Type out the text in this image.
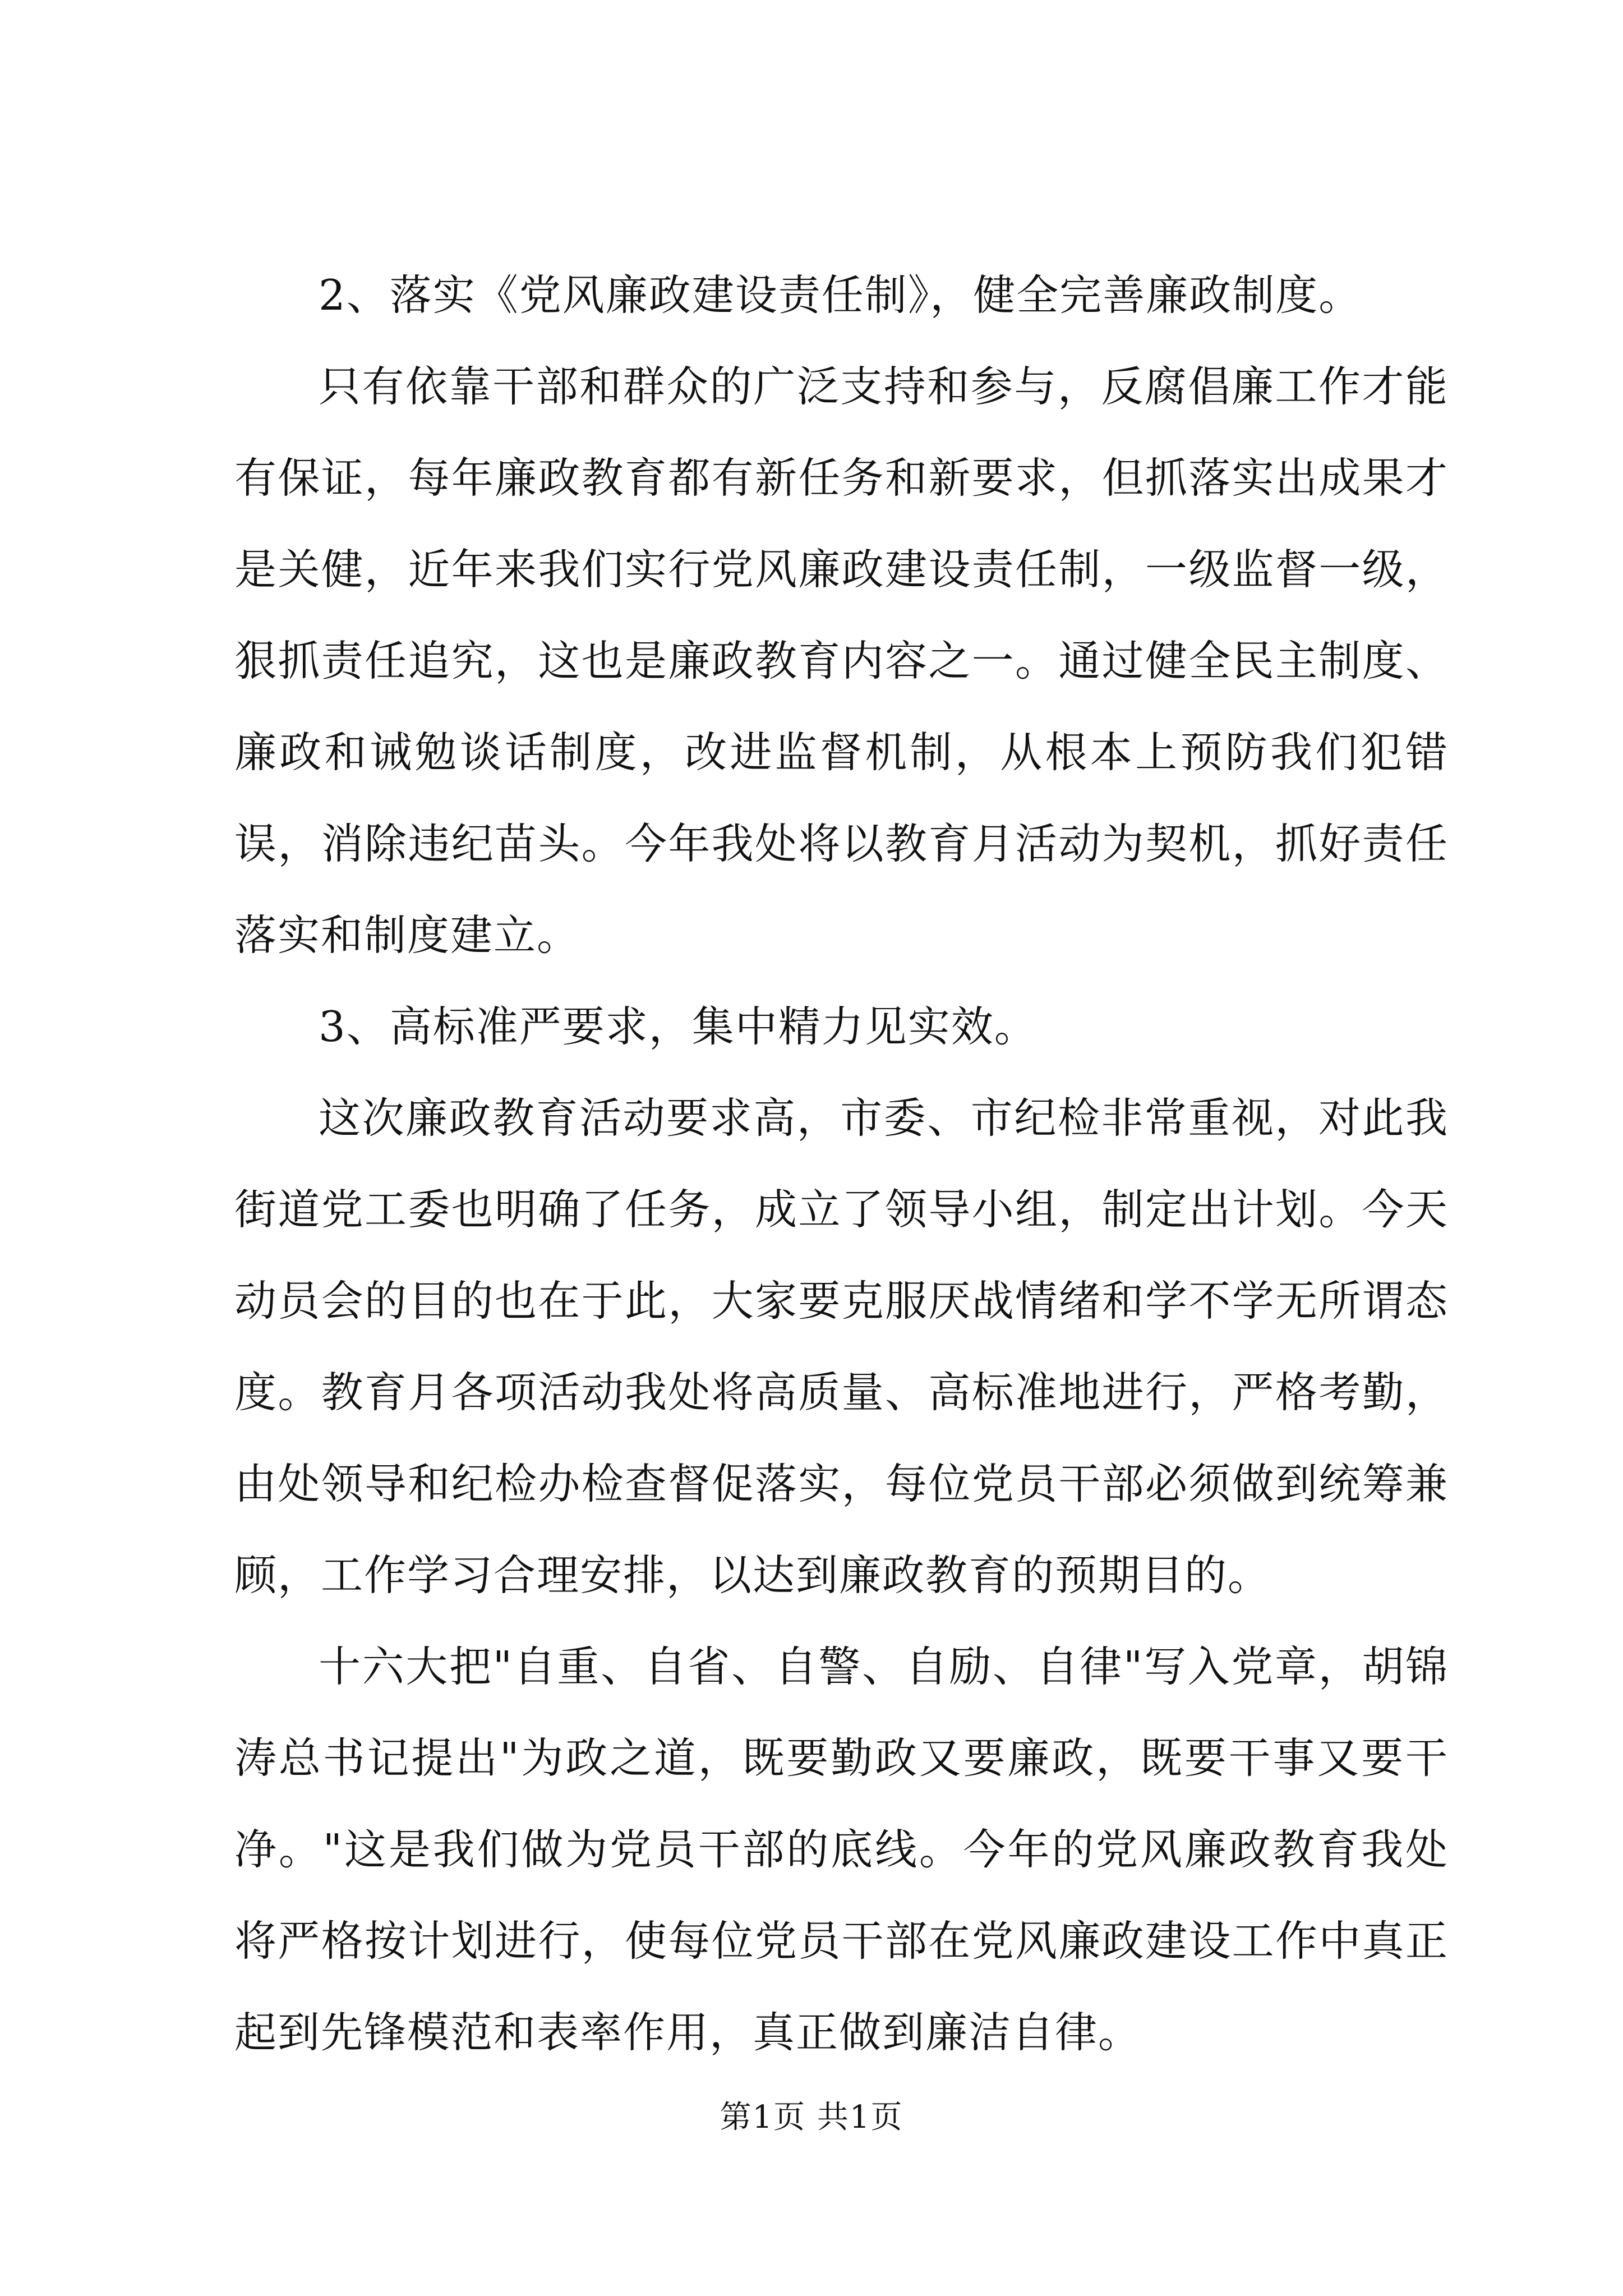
2、落实《党风廉政建设责任制》，健全完善廉政制度。

只有依靠干部和群众的广泛支持和参与，反腐倡廉工作才能有保证，每年廉政教育都有新任务和新要求，但抓落实出成果才是关健，近年来我们实行党风廉政建设责任制，一级监督一级，狠抓责任追究，这也是廉政教育内容之一。通过健全民主制度、廉政和诫勉谈话制度，改进监督机制，从根本上预防我们犯错误，消除违纪苗头。今年我处将以教育月活动为契机，抓好责任落实和制度建立。

3、高标准严要求，集中精力见实效。

这次廉政教育活动要求高，市委、市纪检非常重视，对此我街道党工委也明确了任务，成立了领导小组，制定出计划。今天动员会的目的也在于此，大家要克服厌战情绪和学不学无所谓态度。教育月各项活动我处将高质量、高标准地进行，严格考勤，由处领导和纪检办检查督促落实，每位党员干部必须做到统筹兼顾，工作学习合理安排，以达到廉政教育的预期目的。

十六大把"自重、自省、自警、自励、自律"写入党章，胡锦涛总书记提出"为政之道，既要勤政又要廉政，既要干事又要干净。"这是我们做为党员干部的底线。今年的党风廉政教育我处将严格按计划进行，使每位党员干部在党风廉政建设工作中真正起到先锋模范和表率作用，真正做到廉洁自律。

第1页 共1页
